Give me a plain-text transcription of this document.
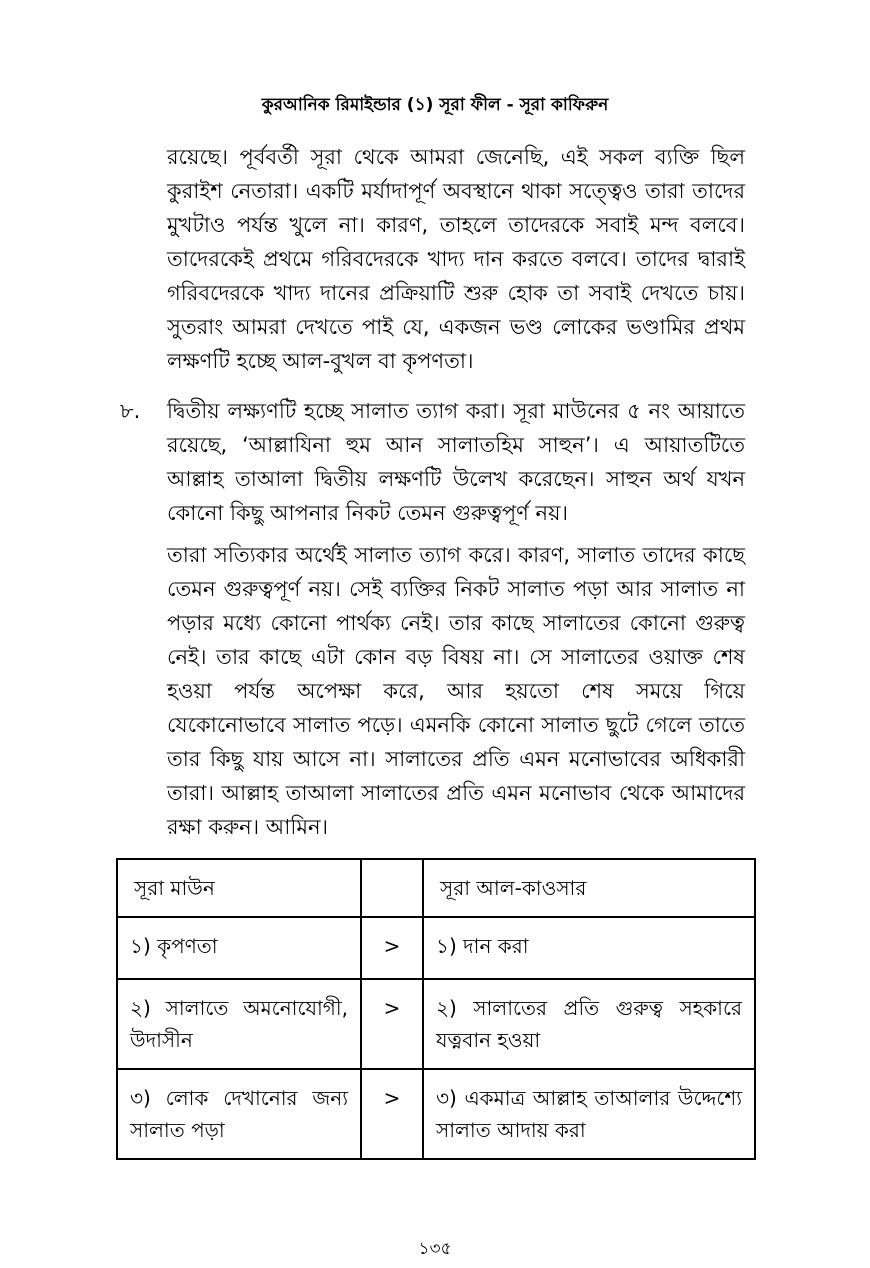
কুরআনিক রিমাইন্ডার (১) সূরা ফীল - সূরা কাফিরুন

রয়েছে। পূর্ববর্তী সূরা থেকে আমরা জেনেছি, এই সকল ব্যক্তি ছিল কুরাইশ নেতারা। একটি মর্যাদাপূর্ণ অবস্থানে থাকা সত্ত্বেও তারা তাদের মুখটাও পর্যন্ত খুলে না। কারণ, তাহলে তাদেরকে সবাই মন্দ বলবে। তাদেরকেই প্রথমে গরিবদেরকে খাদ্য দান করতে বলবে। তাদের দ্বারাই গরিবদেরকে খাদ্য দানের প্রক্রিয়াটি শুরু হোক তা সবাই দেখতে চায়। সুতরাং আমরা দেখতে পাই যে, একজন ভণ্ড লোকের ভণ্ডামির প্রথম লক্ষণটি হচ্ছে আল-বুখল বা কৃপণতা।

৮. দ্বিতীয় লক্ষ্যণটি হচ্ছে সালাত ত্যাগ করা। সূরা মাউনের ৫ নং আয়াতে রয়েছে, ‘আল্লাযিনা হুম আন সালাতহিম সাহুন’। এ আয়াতটিতে আল্লাহ তাআলা দ্বিতীয় লক্ষণটি উলেখ করেছেন। সাহুন অর্থ যখন কোনো কিছু আপনার নিকট তেমন গুরুত্বপূর্ণ নয়।

তারা সত্যিকার অর্থেই সালাত ত্যাগ করে। কারণ, সালাত তাদের কাছে তেমন গুরুত্বপূর্ণ নয়। সেই ব্যক্তির নিকট সালাত পড়া আর সালাত না পড়ার মধ্যে কোনো পার্থক্য নেই। তার কাছে সালাতের কোনো গুরুত্ব নেই। তার কাছে এটা কোন বড় বিষয় না। সে সালাতের ওয়াক্ত শেষ হওয়া পর্যন্ত অপেক্ষা করে, আর হয়তো শেষ সময়ে গিয়ে যেকোনোভাবে সালাত পড়ে। এমনকি কোনো সালাত ছুটে গেলে তাতে তার কিছু যায় আসে না। সালাতের প্রতি এমন মনোভাবের অধিকারী তারা। আল্লাহ তাআলা সালাতের প্রতি এমন মনোভাব থেকে আমাদের রক্ষা করুন। আমিন।

সূরা মাউন		সূরা আল-কাওসার
১) কৃপণতা	>	১) দান করা
২) সালাতে অমনোযোগী, উদাসীন	>	২) সালাতের প্রতি গুরুত্ব সহকারে যত্নবান হওয়া
৩) লোক দেখানোর জন্য সালাত পড়া	>	৩) একমাত্র আল্লাহ তাআলার উদ্দেশ্যে সালাত আদায় করা
১৩৫
